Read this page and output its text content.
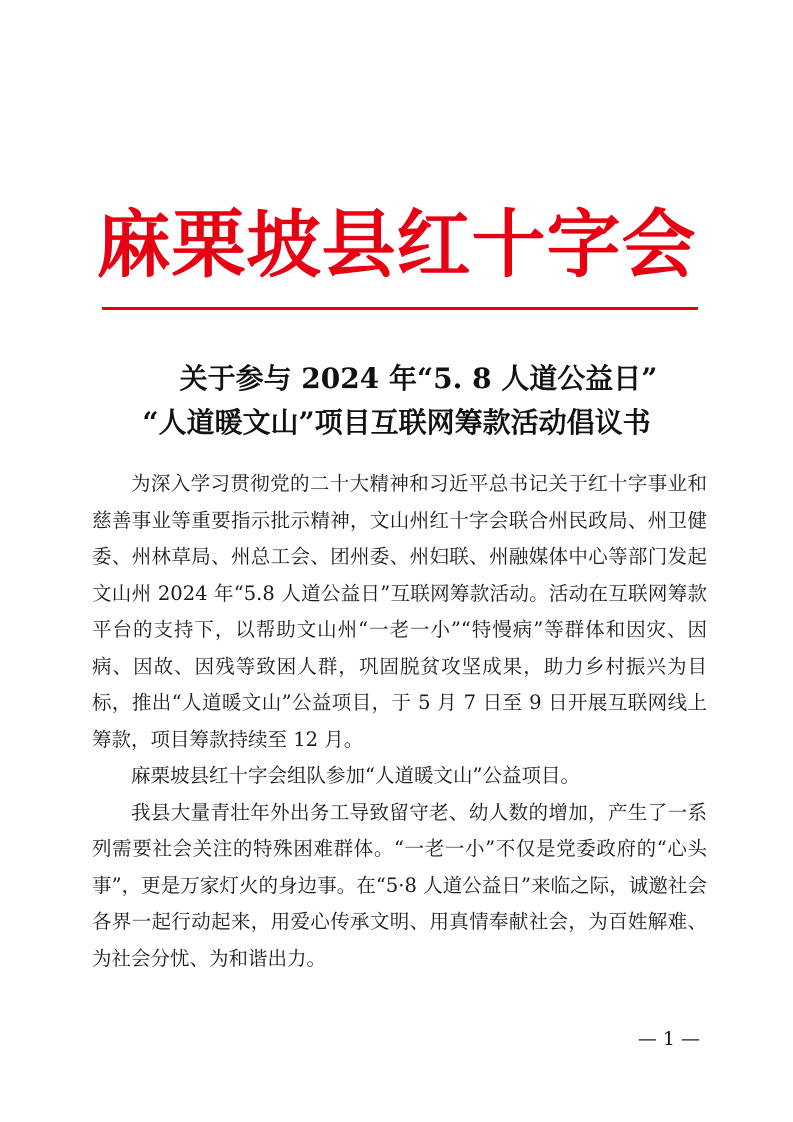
麻栗坡县红十字会
关于参与 2024 年“5. 8 人道公益日”
“人道暖文山”项目互联网筹款活动倡议书

为深入学习贯彻党的二十大精神和习近平总书记关于红十字事业和慈善事业等重要指示批示精神，文山州红十字会联合州民政局、州卫健委、州林草局、州总工会、团州委、州妇联、州融媒体中心等部门发起文山州 2024 年“5.8 人道公益日”互联网筹款活动。活动在互联网筹款平台的支持下，以帮助文山州“一老一小”“特慢病”等群体和因灾、因病、因故、因残等致困人群，巩固脱贫攻坚成果，助力乡村振兴为目标，推出“人道暖文山”公益项目，于 5 月 7 日至 9 日开展互联网线上筹款，项目筹款持续至 12 月。

麻栗坡县红十字会组队参加“人道暖文山”公益项目。

我县大量青壮年外出务工导致留守老、幼人数的增加，产生了一系列需要社会关注的特殊困难群体。“一老一小”不仅是党委政府的“心头事”，更是万家灯火的身边事。在“5·8 人道公益日”来临之际，诚邀社会各界一起行动起来，用爱心传承文明、用真情奉献社会，为百姓解难、为社会分忧、为和谐出力。

— 1 —
